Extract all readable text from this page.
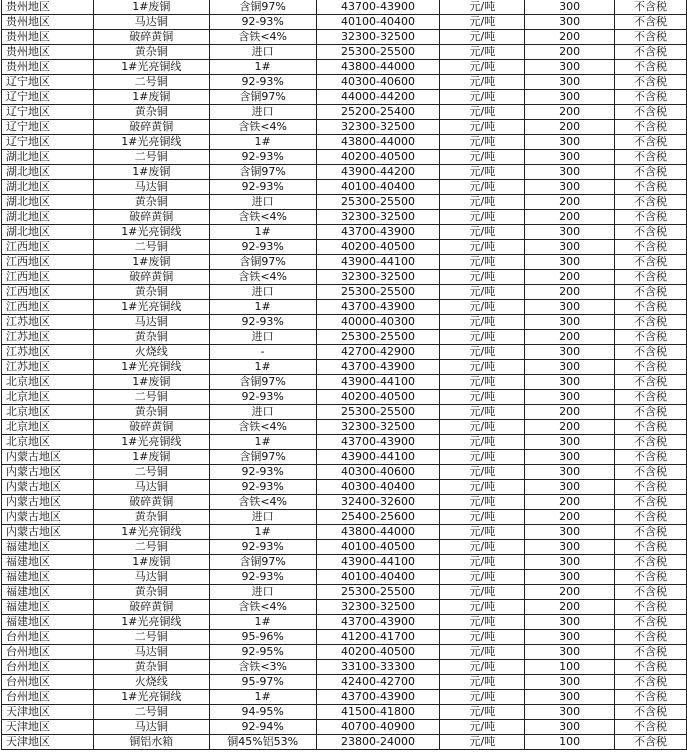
贵州地区	1#废铜	含铜97%	43700-43900	元/吨	300	不含税
贵州地区	马达铜	92-93%	40100-40400	元/吨	300	不含税
贵州地区	破碎黄铜	含铁<4%	32300-32500	元/吨	200	不含税
贵州地区	黄杂铜	进口	25300-25500	元/吨	200	不含税
贵州地区	1#光亮铜线	1#	43800-44000	元/吨	300	不含税
辽宁地区	二号铜	92-93%	40300-40600	元/吨	300	不含税
辽宁地区	1#废铜	含铜97%	44000-44200	元/吨	300	不含税
辽宁地区	黄杂铜	进口	25200-25400	元/吨	200	不含税
辽宁地区	破碎黄铜	含铁<4%	32300-32500	元/吨	200	不含税
辽宁地区	1#光亮铜线	1#	43800-44000	元/吨	300	不含税
湖北地区	二号铜	92-93%	40200-40500	元/吨	300	不含税
湖北地区	1#废铜	含铜97%	43900-44200	元/吨	300	不含税
湖北地区	马达铜	92-93%	40100-40400	元/吨	300	不含税
湖北地区	黄杂铜	进口	25300-25500	元/吨	200	不含税
湖北地区	破碎黄铜	含铁<4%	32300-32500	元/吨	200	不含税
湖北地区	1#光亮铜线	1#	43700-43900	元/吨	300	不含税
江西地区	二号铜	92-93%	40200-40500	元/吨	300	不含税
江西地区	1#废铜	含铜97%	43900-44100	元/吨	300	不含税
江西地区	破碎黄铜	含铁<4%	32300-32500	元/吨	200	不含税
江西地区	黄杂铜	进口	25300-25500	元/吨	200	不含税
江西地区	1#光亮铜线	1#	43700-43900	元/吨	300	不含税
江苏地区	马达铜	92-93%	40000-40300	元/吨	300	不含税
江苏地区	黄杂铜	进口	25300-25500	元/吨	200	不含税
江苏地区	火烧线	-	42700-42900	元/吨	300	不含税
江苏地区	1#光亮铜线	1#	43700-43900	元/吨	300	不含税
北京地区	1#废铜	含铜97%	43900-44100	元/吨	300	不含税
北京地区	二号铜	92-93%	40200-40500	元/吨	300	不含税
北京地区	黄杂铜	进口	25300-25500	元/吨	200	不含税
北京地区	破碎黄铜	含铁<4%	32300-32500	元/吨	200	不含税
北京地区	1#光亮铜线	1#	43700-43900	元/吨	300	不含税
内蒙古地区	1#废铜	含铜97%	43900-44100	元/吨	300	不含税
内蒙古地区	二号铜	92-93%	40300-40600	元/吨	300	不含税
内蒙古地区	马达铜	92-93%	40300-40400	元/吨	300	不含税
内蒙古地区	破碎黄铜	含铁<4%	32400-32600	元/吨	200	不含税
内蒙古地区	黄杂铜	进口	25400-25600	元/吨	200	不含税
内蒙古地区	1#光亮铜线	1#	43800-44000	元/吨	300	不含税
福建地区	二号铜	92-93%	40100-40500	元/吨	300	不含税
福建地区	1#废铜	含铜97%	43900-44100	元/吨	300	不含税
福建地区	马达铜	92-93%	40100-40400	元/吨	300	不含税
福建地区	黄杂铜	进口	25300-25500	元/吨	200	不含税
福建地区	破碎黄铜	含铁<4%	32300-32500	元/吨	200	不含税
福建地区	1#光亮铜线	1#	43700-43900	元/吨	300	不含税
台州地区	二号铜	95-96%	41200-41700	元/吨	300	不含税
台州地区	马达铜	92-95%	40200-40500	元/吨	300	不含税
台州地区	黄杂铜	含铁<3%	33100-33300	元/吨	100	不含税
台州地区	火烧线	95-97%	42400-42700	元/吨	300	不含税
台州地区	1#光亮铜线	1#	43700-43900	元/吨	300	不含税
天津地区	二号铜	94-95%	41500-41800	元/吨	300	不含税
天津地区	马达铜	92-94%	40700-40900	元/吨	300	不含税
天津地区	铜铝水箱	铜45%铝53%	23800-24000	元/吨	100	不含税
